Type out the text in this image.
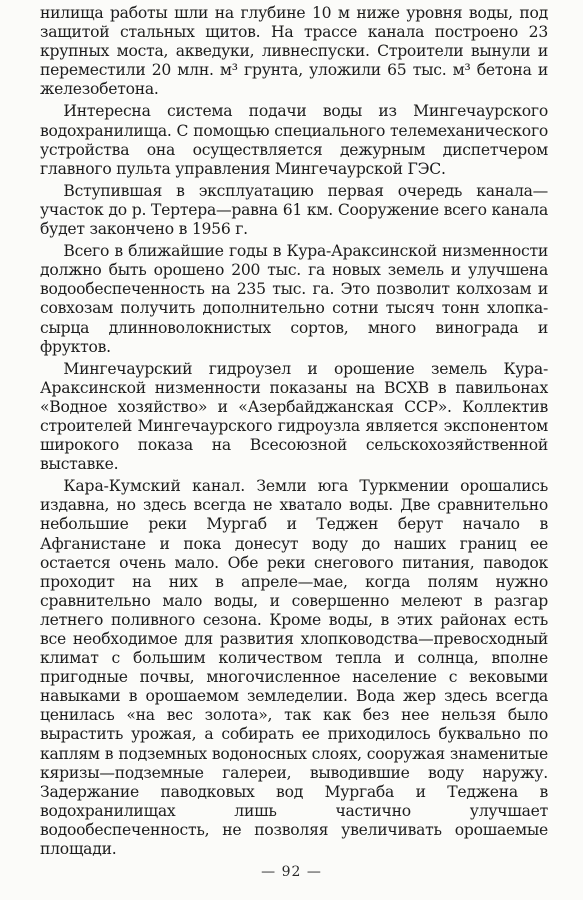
нилища работы шли на глубине 10 м ниже уровня воды, под защитой стальных щитов. На трассе канала построено 23 крупных моста, акведуки, ливнеспуски. Строители вынули и переместили 20 млн. м³ грунта, уложили 65 тыс. м³ бетона и железобетона.

Интересна система подачи воды из Мингечаурского водохранилища. С помощью специального телемеханического устройства она осуществляется дежурным диспетчером главного пульта управления Мингечаурской ГЭС.

Вступившая в эксплуатацию первая очередь канала—участок до р. Тертера—равна 61 км. Сооружение всего канала будет закончено в 1956 г.

Всего в ближайшие годы в Кура-Араксинской низменности должно быть орошено 200 тыс. га новых земель и улучшена водообеспеченность на 235 тыс. га. Это позволит колхозам и совхозам получить дополнительно сотни тысяч тонн хлопка-сырца длинноволокнистых сортов, много винограда и фруктов.

Мингечаурский гидроузел и орошение земель Кура-Араксинской низменности показаны на ВСХВ в павильонах «Водное хозяйство» и «Азербайджанская ССР». Коллектив строителей Мингечаурского гидроузла является экспонентом широкого показа на Всесоюзной сельскохозяйственной выставке.

Кара-Кумский канал. Земли юга Туркмении орошались издавна, но здесь всегда не хватало воды. Две сравнительно небольшие реки Мургаб и Теджен берут начало в Афганистане и пока донесут воду до наших границ ее остается очень мало. Обе реки снегового питания, паводок проходит на них в апреле—мае, когда полям нужно сравнительно мало воды, и совершенно мелеют в разгар летнего поливного сезона. Кроме воды, в этих районах есть все необходимое для развития хлопководства—превосходный климат с большим количеством тепла и солнца, вполне пригодные почвы, многочисленное население с вековыми навыками в орошаемом земледелии. Вода жер здесь всегда ценилась «на вес золота», так как без нее нельзя было вырастить урожая, а собирать ее приходилось буквально по каплям в подземных водоносных слоях, сооружая знаменитые кяризы—подземные галереи, выводившие воду наружу. Задержание паводковых вод Мургаба и Теджена в водохранилищах лишь частично улучшает водообеспеченность, не позволяя увеличивать орошаемые площади.

— 92 —
